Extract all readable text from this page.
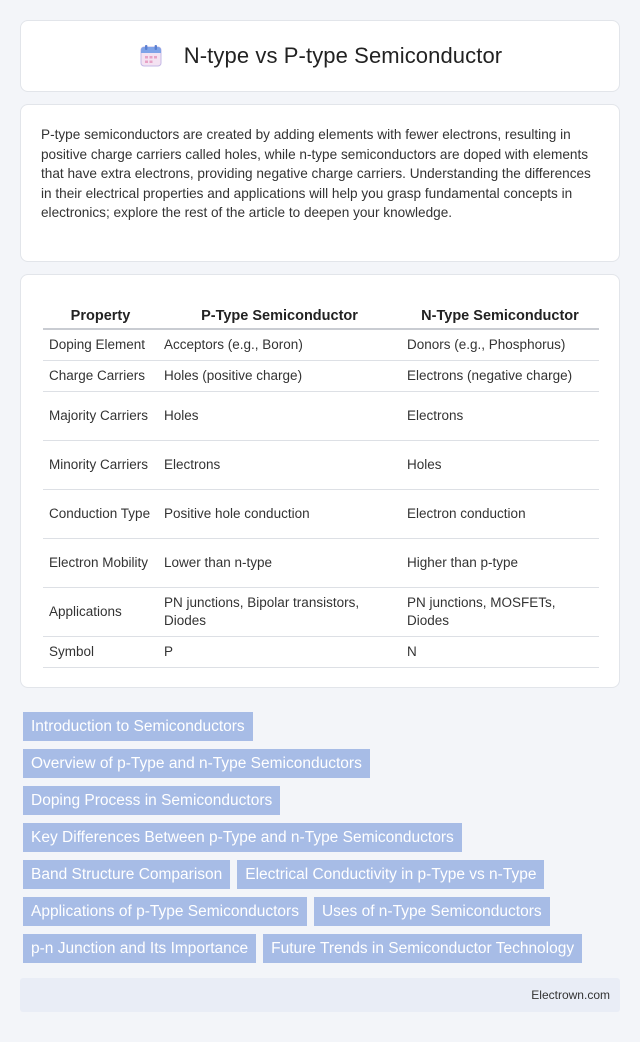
N-type vs P-type Semiconductor

P-type semiconductors are created by adding elements with fewer electrons, resulting in positive charge carriers called holes, while n-type semiconductors are doped with elements that have extra electrons, providing negative charge carriers. Understanding the differences in their electrical properties and applications will help you grasp fundamental concepts in electronics; explore the rest of the article to deepen your knowledge.

Property	P-Type Semiconductor	N-Type Semiconductor
Doping Element	Acceptors (e.g., Boron)	Donors (e.g., Phosphorus)
Charge Carriers	Holes (positive charge)	Electrons (negative charge)
Majority Carriers	Holes	Electrons
Minority Carriers	Electrons	Holes
Conduction Type	Positive hole conduction	Electron conduction
Electron Mobility	Lower than n-type	Higher than p-type
Applications	PN junctions, Bipolar transistors, Diodes	PN junctions, MOSFETs, Diodes
Symbol	P	N
Introduction to Semiconductors
Overview of p-Type and n-Type Semiconductors
Doping Process in Semiconductors
Key Differences Between p-Type and n-Type Semiconductors
Band Structure Comparison	Electrical Conductivity in p-Type vs n-Type
Applications of p-Type Semiconductors	Uses of n-Type Semiconductors
p-n Junction and Its Importance	Future Trends in Semiconductor Technology
Electrown.com
